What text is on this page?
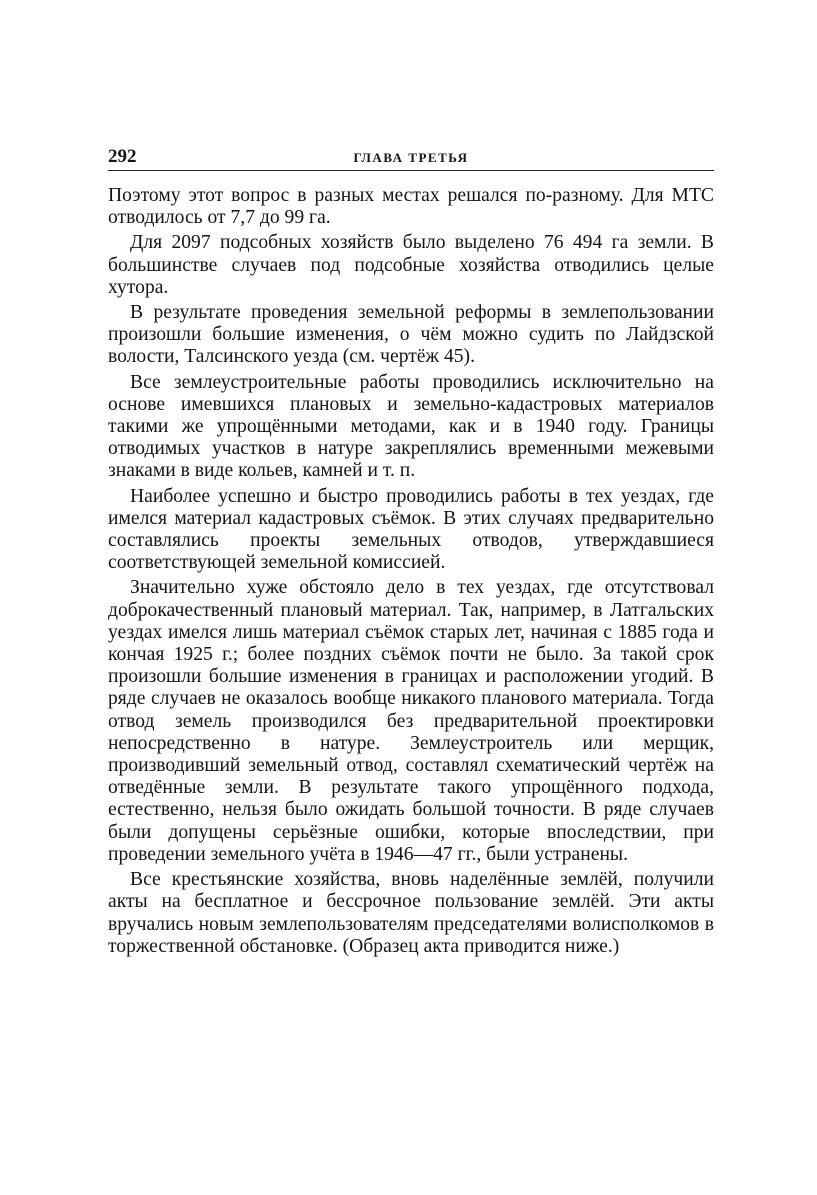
292	ГЛАВА ТРЕТЬЯ

Поэтому этот вопрос в разных местах решался по-разному. Для МТС отводилось от 7,7 до 99 га.

Для 2097 подсобных хозяйств было выделено 76 494 га земли. В большинстве случаев под подсобные хозяйства отводились целые хутора.

В результате проведения земельной реформы в землепользовании произошли большие изменения, о чём можно судить по Лайдзской волости, Талсинского уезда (см. чертёж 45).

Все землеустроительные работы проводились исключительно на основе имевшихся плановых и земельно-кадастровых материалов такими же упрощёнными методами, как и в 1940 году. Границы отводимых участков в натуре закреплялись временными межевыми знаками в виде кольев, камней и т. п.

Наиболее успешно и быстро проводились работы в тех уездах, где имелся материал кадастровых съёмок. В этих случаях предварительно составлялись проекты земельных отводов, утверждавшиеся соответствующей земельной комиссией.

Значительно хуже обстояло дело в тех уездах, где отсутствовал доброкачественный плановый материал. Так, например, в Латгальских уездах имелся лишь материал съёмок старых лет, начиная с 1885 года и кончая 1925 г.; более поздних съёмок почти не было. За такой срок произошли большие изменения в границах и расположении угодий. В ряде случаев не оказалось вообще никакого планового материала. Тогда отвод земель производился без предварительной проектировки непосредственно в натуре. Землеустроитель или мерщик, производивший земельный отвод, составлял схематический чертёж на отведённые земли. В результате такого упрощённого подхода, естественно, нельзя было ожидать большой точности. В ряде случаев были допущены серьёзные ошибки, которые впоследствии, при проведении земельного учёта в 1946—47 гг., были устранены.

Все крестьянские хозяйства, вновь наделённые землёй, получили акты на бесплатное и бессрочное пользование землёй. Эти акты вручались новым землепользователям председателями волисполкомов в торжественной обстановке. (Образец акта приводится ниже.)
